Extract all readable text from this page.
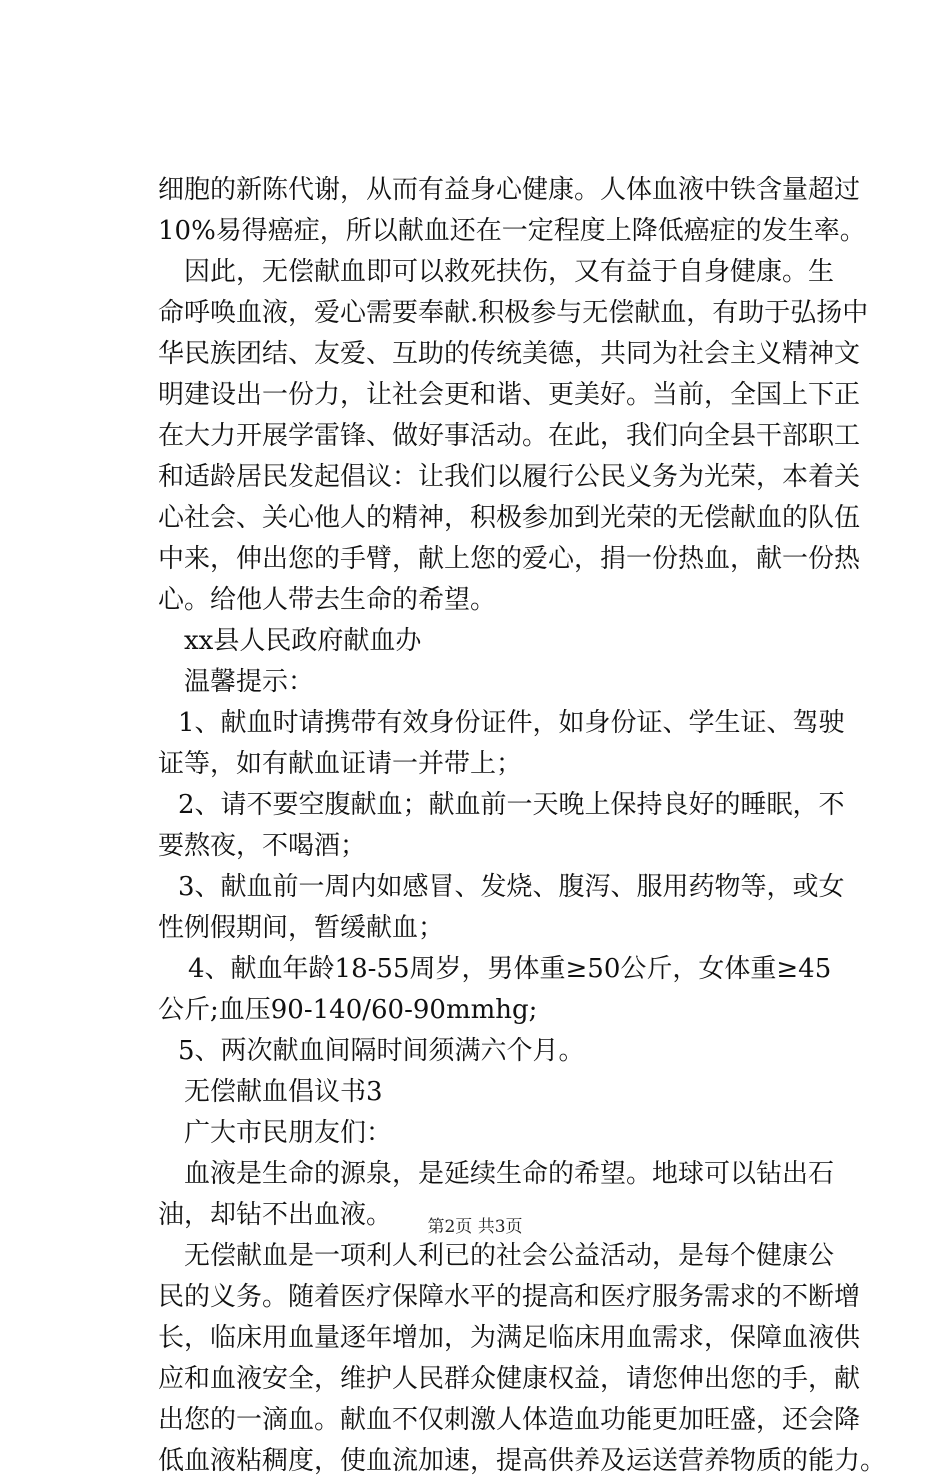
细胞的新陈代谢，从而有益身心健康。人体血液中铁含量超过
10%易得癌症，所以献血还在一定程度上降低癌症的发生率。
因此，无偿献血即可以救死扶伤，又有益于自身健康。生
命呼唤血液，爱心需要奉献.积极参与无偿献血，有助于弘扬中
华民族团结、友爱、互助的传统美德，共同为社会主义精神文
明建设出一份力，让社会更和谐、更美好。当前，全国上下正
在大力开展学雷锋、做好事活动。在此，我们向全县干部职工
和适龄居民发起倡议：让我们以履行公民义务为光荣，本着关
心社会、关心他人的精神，积极参加到光荣的无偿献血的队伍
中来，伸出您的手臂，献上您的爱心，捐一份热血，献一份热
心。给他人带去生命的希望。
xx县人民政府献血办
温馨提示：
1、献血时请携带有效身份证件，如身份证、学生证、驾驶
证等，如有献血证请一并带上；
2、请不要空腹献血；献血前一天晚上保持良好的睡眠，不
要熬夜，不喝酒；
3、献血前一周内如感冒、发烧、腹泻、服用药物等，或女
性例假期间，暂缓献血；
4、献血年龄18-55周岁，男体重≥50公斤，女体重≥45
公斤;血压90-140/60-90mmhg;
5、两次献血间隔时间须满六个月。
无偿献血倡议书3
广大市民朋友们：
血液是生命的源泉，是延续生命的希望。地球可以钻出石
油，却钻不出血液。
无偿献血是一项利人利已的社会公益活动，是每个健康公
民的义务。随着医疗保障水平的提高和医疗服务需求的不断增
长，临床用血量逐年增加，为满足临床用血需求，保障血液供
应和血液安全，维护人民群众健康权益，请您伸出您的手，献
出您的一滴血。献血不仅刺激人体造血功能更加旺盛，还会降
低血液粘稠度，使血流加速，提高供养及运送营养物质的能力。
第2页 共3页
